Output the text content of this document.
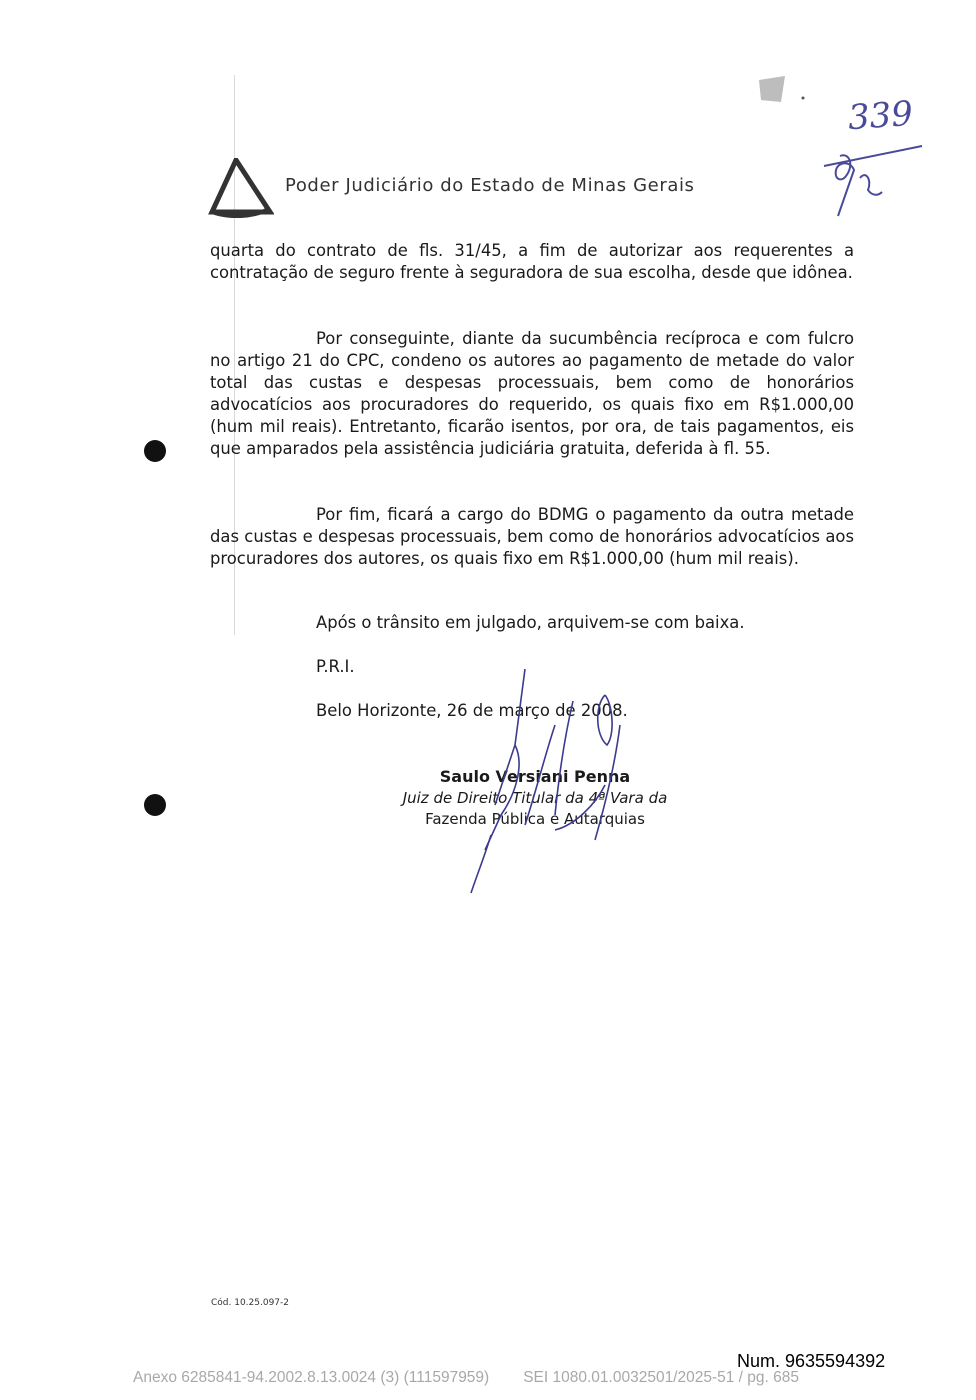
339
Poder Judiciário do Estado de Minas Gerais
quarta do contrato de fls. 31/45, a fim de autorizar aos requerentes a contratação de seguro frente à seguradora de sua escolha, desde que idônea.
Por conseguinte, diante da sucumbência recíproca e com fulcro no artigo 21 do CPC, condeno os autores ao pagamento de metade do valor total das custas e despesas processuais, bem como de honorários advocatícios aos procuradores do requerido, os quais fixo em R$1.000,00 (hum mil reais). Entretanto, ficarão isentos, por ora, de tais pagamentos, eis que amparados pela assistência judiciária gratuita, deferida à fl. 55.
Por fim, ficará a cargo do BDMG o pagamento da outra metade das custas e despesas processuais, bem como de honorários advocatícios aos procuradores dos autores, os quais fixo em R$1.000,00 (hum mil reais).
Após o trânsito em julgado, arquivem-se com baixa.
P.R.I.
Belo Horizonte, 26 de março de 2008.
Saulo Versiani Penna
Juiz de Direito Titular da 4ª Vara da
Fazenda Pública e Autarquias
Cód. 10.25.097-2
Num. 9635594392
Anexo 6285841-94.2002.8.13.0024 (3) (111597959) SEI 1080.01.0032501/2025-51 / pg. 685
